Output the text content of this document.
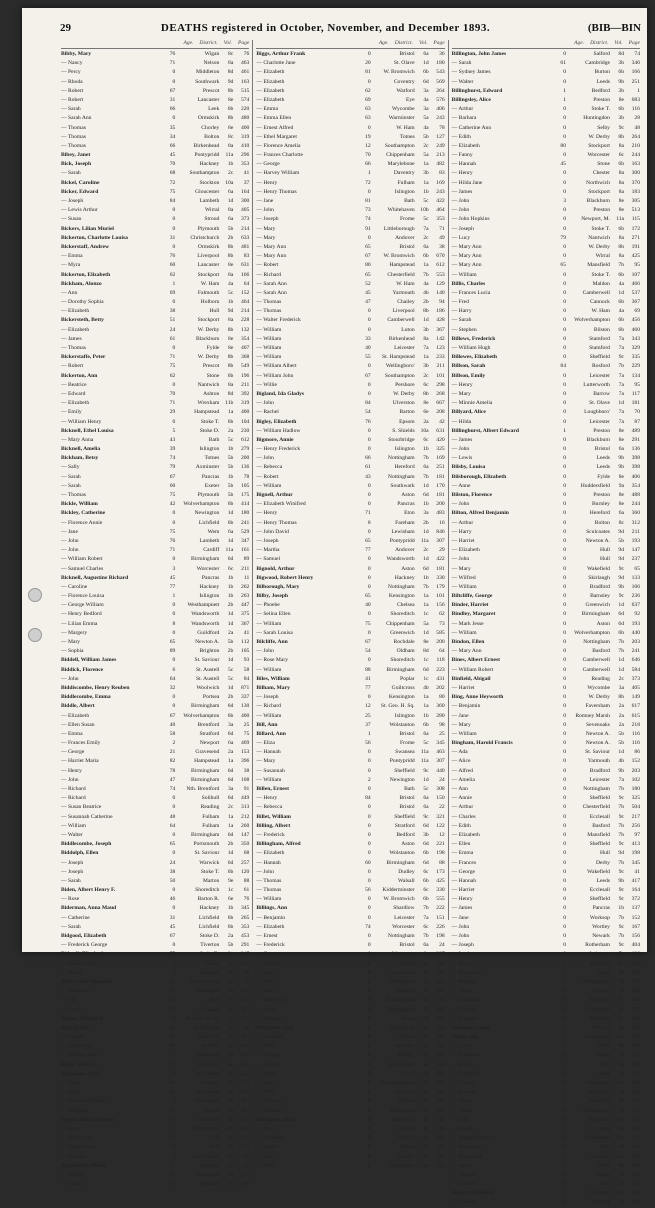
29	DEATHS registered in October, November, and December 1893.	(BIB—BIN
Age.	District.	Vol.	Page
Bibby, Mary	76	Wigan	8c	76
— Nancy	71	Nelson	8a	463
— Percy	0	Middleton	8d	461
— Rhoda	0	Southwark	9d	163
— Robert	67	Prescot	8b	515
— Robert	31	Lancaster	8e	574
— Sarah	66	Leek	6b	220
— Sarah Ann	0	Ormskirk	8b	480
— Thomas	35	Chorley	8e	400
— Thomas	34	Bolton	8c	319
— Thomas	66	Birkenhead	8a	410
Bibey, Janet	45	Pontypridd	11a	296
Bick, Joseph	70	Hackney	1b	353
— Sarah	68	Southampton	2c	41
Bickel, Caroline	72	Stockton	10a	37
Bicker, Edward	75	Gloucester	6a	164
— Joseph	84	Lambeth	1d	300
— Lewis Arthur	0	Wirral	8a	405
— Susan	0	Stroud	6a	373
Bickers, Lilian Muriel	0	Plymouth	5b	214
Bickerton, Charlotte Louisa	31	Christchurch	2b	633
Bickerstaff, Andrew	0	Ormskirk	8b	481
— Emma	76	Liverpool	8b	83
— Myra	60	Lancaster	8e	631
Bickerton, Elizabeth	62	Stockport	8a	166
Bickham, Alonzo	1	W. Ham	4a	64
— Ann	69	Falmouth	5c	152
— Dorothy Sophia	0	Holborn	1b	464
— Elizabeth	38	Hull	9d	214
Bickersteth, Betty	51	Stockport	8a	228
— Elizabeth	24	W. Derby	8b	132
— James	61	Blackburn	8e	354
— Thomas	0	Fylde	8e	407
Bickerstaffe, Peter	71	W. Derby	8b	368
— Robert	75	Prescot	8b	549
Bickerton, Ann	62	Stone	6b	196
— Beatrice	0	Nantwich	8a	211
— Edward	70	Ashton	8d	392
— Elizabeth	71	Wrexham	11b	319
— Emily	29	Hampstead	1a	400
— William Henry	0	Stoke T.	6b	104
Bicknell, Ethel Louisa	5	Stoke D.	2a	230
— Mary Anna	43	Bath	5c	612
Bicknell, Amelia	39	Islington	1b	279
Bickham, Betsy	74	Totnes	5b	200
— Sally	79	Axminster	5b	136
— Sarah	67	Pancras	1b	78
— Sarah	60	Exeter	5b	105
— Thomas	75	Plymouth	5b	175
Bickle, William	42	Wolverhampton	6b	414
Bickley, Catherine	0	Newington	1d	180
— Florence Annie	0	Lichfield	6b	241
— Jane	75	Wem	6a	529
— John	76	Lambeth	1d	347
— John	71	Cardiff	11a	161
— William Robert	0	Birmingham	6d	89
— Samuel Charles	3	Worcester	6c	211
Bicknell, Augustine Richard	45	Pancras	1b	11
— Caroline	77	Hackney	1b	262
— Florence Louisa	1	Islington	1b	263
— George William	0	Westhampnett	2b	447
— Henry Bedford	0	Wandsworth	1d	375
— Lilian Emma	8	Wandsworth	1d	367
— Margery	0	Guildford	2a	41
— Mary	65	Newton A.	5b	112
— Sophia	89	Brighton	2b	105
Biddell, William James	0	St. Saviour	1d	93
Biddick, Florence	6	St. Austell	5c	58
— John	64	St. Austell	5c	84
Biddiscombe, Henry Reuben	32	Woolwich	1d	871
Biddlecombe, Emma	0	Portsea	2b	337
Biddle, Albert	0	Birmingham	6d	130
— Elizabeth	67	Wolverhampton	6b	400
— Ellen Susan	40	Brentford	3a	25
— Emma	58	Stratford	6d	75
— Frances Emily	2	Newport	6a	469
— George	21	Gravesend	2a	153
— Harriet Maria	82	Hampstead	1a	396
— Henry	78	Birmingham	6d	38
— John	47	Birmingham	6d	108
— Richard	74	Nth. Brentford	3a	91
— Richard	0	Solihull	6d	449
— Susan Beatrice	0	Reading	2c	313
— Susannah Catherine	48	Fulham	1a	212
— William	64	Fulham	1a	260
— Walter	0	Birmingham	6d	147
Biddlecombe, Joseph	65	Portsmouth	2b	350
Biddolph, Ellen	0	St. Saviour	1d	68
— Joseph	24	Warwick	6d	257
— Joseph	38	Stoke T.	6b	120
— Sarah	50	Marton	9e	88
Biden, Albert Henry F.	0	Shoreditch	1c	61
— Rose	46	Barton R.	6e	76
Biderman, Anna Maud	0	Hackney	1b	345
— Catherine	31	Lichfield	6b	265
— Sarah	45	Lichfield	6b	353
Bidgood, Elizabeth	67	Stoke D.	2a	453
— Frederick George	0	Tiverton	5b	291
Bidwell, Elizabeth	75	Stoke D.	2a	247
— Ernest Walter	0	Thame	3a	445
— Mercy	0	Fareham	2b	78
Biffen, Ann Elizabeth	19	Farnborough	2c	17
— Frederick	79	Maidstone	2a	260
— Lily	0	Hull	9d	224
— Sarah	77	Ecclesall	9c	247
Bigbie, William E.	0	St. Geo. H. Sq.	1a	371
Bigg, Emily	40	Hambledon	2a	88
— George	75	Mile End	1c	342
— Sarah Ann	80	W. Ham	4a	116
— William John	1	Woolwich	1d	936
Biggs, Rebecca	77	Barton R.	6e	165
Biggadike, Cyril	0	Sculcoates	9d	252
— Ellen	48	Sleaford	7a	358
— Mary	19	Sculcoates	9d	377
— Thomas William	0	Sculcoates	9d	390
— Winifred	64	Boston	7a	400
Biggar, Horace Albert	0	Bradford	9b	161
— Jane	77	Whitehaven	10b	505
— Mary Ann	74	Hull	9d	119
— Sarah Annie	0	Hull	9d	239
— Thomas	0	Castle Ward	10b	136
Biggerstaff, Albert	57	Chertsey	2a	47
— Alfred	56	Greenwich	1d	707
— Alexis	77	Wantage	3a	186
Age.	District.	Vol.	Page
Biggs, Arthur Frank	0	Bristol	6a	36
— Charlotte Jane	20	St. Olave	1d	180
— Elizabeth	81	W. Bromwich	6b	543
— Elizabeth	0	Coventry	6d	569
— Elizabeth	62	Watford	3a	264
— Elizabeth	69	Eye	4a	576
— Emma	63	Wycombe	3a	406
— Emma Ellen	63	Warminster	5a	243
— Ernest Alfred	0	W. Ham	4a	78
— Ethel Margaret	19	Totnes	5b	127
— Florence Amelia	12	Southampton	2c	249
— Frances Charlotte	70	Chippenham	5a	213
— George	66	Marylebone	1a	482
— Harvey William	1	Daventry	3b	83
— Henry	72	Fulham	1a	169
— Henry Thomas	0	Islington	1b	243
— Jane	81	Bath	5c	422
— John	73	Whitehaven	10b	464
— Joseph	74	Frome	5c	353
— Mary	91	Littleborough	7a	71
— Mary	0	Andover	2c	49
— Mary Ann	65	Bristol	6a	38
— Mary Ann	67	W. Bromwich	6b	670
— Robert	80	Hampstead	1a	612
— Richard	65	Chesterfield	7b	553
— Sarah Ann	52	W. Ham	4a	129
— Sarah Ann	45	Yarmouth	4b	140
— Thomas	47	Chailey	2b	94
— Thomas	0	Liverpool	8b	186
— Walter Frederick	0	Camberwell	1d	428
— William	0	Luton	3b	367
— William	33	Birkenhead	8a	142
— William	40	Leicester	7a	123
— William	55	St. Hampstead	1a	233
— William Albert	0	Wellingboro'	3b	211
— William John	67	Southampton	2c	101
— Willie	0	Pershore	6c	298
Bigland, Ida Gladys	0	W. Derby	8b	268
— John	84	Ulverston	8e	667
— Rachel	54	Barton	6e	208
Bigley, Elizabeth	76	Epsom	2a	42
— William Hadlow	0	S. Shields	10a	631
Bigmore, Annie	0	Stourbridge	6c	420
— Henry Frederick	0	Islington	1b	325
— John	66	Nottingham	7b	169
— Rebecca	61	Hereford	6a	251
— Robert	43	Nottingham	7b	181
— William	0	Southwark	1d	170
Bignell, Arthur	0	Aston	6d	181
— Elizabeth Winifred	0	Pancras	1b	200
— Henry	71	Eton	3a	483
— Henry Thomas	8	Fareham	2b	16
— John David	0	Lewisham	1d	846
— Joseph	65	Pontypridd	11a	307
— Martha	77	Andover	2c	29
— Samuel	0	Wandsworth	1d	422
Bignold, Arthur	0	Aston	6d	181
Bigwood, Robert Henry	0	Hackney	1b	330
Bilborough, Mary	0	Nottingham	7b	179
Bilby, Joseph	65	Kensington	1a	101
— Phoebe	40	Chelsea	1a	156
— Selina Ellen	0	Shoreditch	1c	62
— William	75	Chippenham	5a	73
— Sarah Louisa	0	Greenwich	1d	585
Bilcliffe, Ann	67	Rochdale	8e	200
— John	54	Oldham	8d	64
— Rose Mary	0	Shoreditch	1c	118
— William	88	Birmingham	6d	223
Biles, William	41	Poplar	1c	431
Bilham, Mary	77	Guiltcross	4b	202
— Joseph	0	Kensington	1a	80
— Richard	12	St. Geo. H. Sq.	1a	360
— William	25	Islington	1b	280
Bill, Ann	37	Wolstanton	6b	98
Billard, Ann	1	Bristol	6a	25
— Eliza	56	Frome	5c	345
— Hannah	0	Swansea	11a	463
— Mary	0	Pontypridd	11a	307
— Susannah	0	Sheffield	9c	440
— William	2	Newington	1d	24
Billen, Ernest	0	Bath	5c	308
— Henry	84	Bristol	6a	150
— Rebecca	0	Bristol	6a	22
Billet, William	0	Sheffield	9c	321
Billing, Albert	0	Stratford	6d	122
— Frederick	0	Bedford	3b	12
Billingham, Alfred	0	Aston	6d	221
— Elizabeth	0	Wolstanton	6b	198
— Hannah	60	Birmingham	6d	88
— John	0	Dudley	6c	173
— Thomas	0	Walsall	6b	425
— Thomas	56	Kidderminster	6c	330
— William	0	W. Bromwich	6b	555
Billings, Ann	0	Shardlow	7b	222
— Benjamin	0	Leicester	7a	151
— Elizabeth	74	Worcester	6c	226
— Ernest	0	Nottingham	7b	198
— Frederick	0	Bristol	6a	24
— George	0	Worcester	6c	287
— Harriet	0	Bristol	6a	128
— Jane	0	Southwark	1d	139
— John	0	Nottingham	7b	204
— John	0	Basford	7b	256
— Mary Ann	0	Birmingham	6d	114
— Sarah	0	Nottingham	7b	190
— William	0	Aston	6d	255
Billingsley, Ann	0	Bridgnorth	6a	533
— Caroline	0	Shifnal	6a	447
— Eliza	0	Madeley	6a	541
— George	0	Dudley	6c	209
— Harriet	0	Stourbridge	6c	360
— Henry	0	Aston	6d	338
— John	0	Wolverhampton	6b	463
— Mary	0	Cleobury	6a	508
— Thomas	0	Walsall	6b	444
— William	0	Wellington	6a	612
Billington, Alice	0	Blackburn	8e	310
— Ann	0	Wigan	8c	120
— Elizabeth	0	Preston	8e	484
— James	0	Bolton	8c	339
— John	0	Chorley	8e	412
— Mary	0	Haslingden	8e	258
Age.	District.	Vol.	Page
Billington, John James	0	Salford	8d	74
— Sarah	61	Cambridge	3b	346
— Sydney James	0	Burton	6b	166
— Walter	0	Leeds	9b	251
Billinghurst, Edward	1	Bedford	3b	1
Billingsley, Alice	1	Preston	8e	683
— Arthur	0	Stoke T.	6b	116
— Barbara	0	Huntingdon	3b	28
— Catherine Ann	0	Selby	9c	48
— Edith	0	W. Derby	8b	264
— Elizabeth	80	Stockport	8a	210
— Fanny	0	Worcester	6c	244
— Hannah	45	Stone	6b	163
— Henry	0	Chester	8a	300
— Hilda Jane	0	Northwich	8a	370
— James	0	Stockport	8a	183
— John	3	Blackburn	8e	305
— John	0	Preston	8e	513
— John Hopkins	0	Newport, M.	11a	115
— Joseph	0	Stoke T.	6b	172
— Lucy	79	Nantwich	8a	271
— Mary Ann	0	W. Derby	8b	191
— Mary Ann	0	Wirral	8a	425
— Mary Ann	65	Mansfield	7b	95
— William	0	Stoke T.	6b	107
Billis, Charles	0	Maldon	4a	466
— Frances Lucia	0	Camberwell	1d	537
— Fred	0	Cannock	6b	367
— Harry	0	W. Ham	4a	69
— Sarah	0	Wolverhampton	6b	456
— Stephen	0	Bilston	6b	460
Billows, Frederick	0	Stamford	7a	343
— William Hugh	0	Stamford	7a	329
Billowes, Elizabeth	0	Sheffield	9c	335
Billson, Sarah	84	Rosford	7b	229
Billson, Emily	0	Leicester	7a	134
— Henry	0	Lutterworth	7a	95
— Mary	0	Barrow	7a	117
— Minnie Amelia	0	St. Olave	1d	181
Billyard, Alice	0	Loughboro'	7a	70
— Hilda	0	Leicester	7a	87
Billinghurst, Albert Edward	1	Preston	8e	489
— James	0	Blackburn	8e	291
— John	0	Bristol	6a	136
— Lewis	0	Leeds	9b	398
Bilsby, Louisa	0	Leeds	9b	398
Bilsborough, Elizabeth	0	Fylde	8e	406
— Anne	0	Huddersfield	9a	354
Bilston, Florence	0	Preston	8e	488
— John	0	Burnley	8e	244
Bilton, Alfred Benjamin	0	Hereford	6a	360
— Arthur	0	Bolton	8c	312
— Harry	0	Sculcoates	9d	211
— Harriet	0	Newton A.	5b	193
— Elizabeth	0	Hull	9d	147
— John	0	Hull	9d	237
— Mary	0	Wakefield	9c	65
— Wilfred	0	Skirlaugh	9d	133
— William	0	Bradford	9b	106
Biltcliffe, George	0	Barnsley	9c	236
Binder, Harriet	0	Greenwich	1d	637
Bindley, Margaret	0	Birmingham	6d	92
— Mark Jesse	0	Aston	6d	193
— William	0	Wolverhampton	6b	440
Bindon, Ellen	0	Nottingham	7b	203
— Mary Ann	0	Basford	7b	241
Bines, Albert Ernest	0	Camberwell	1d	646
— William Robert	0	Camberwell	1d	584
Binfield, Abigail	0	Reading	2c	373
— Harriet	0	Wycombe	3a	405
Bing, Anne Heyworth	0	W. Derby	8b	149
— Benjamin	0	Faversham	2a	617
— Jane	0	Romney Marsh	2a	615
— Mary	0	Sevenoaks	2a	218
— William	0	Newton A.	5b	116
Bingham, Harold Francis	0	Newton A.	5b	116
— Ada	0	St. Saviour	1d	86
— Alice	0	Yarmouth	4b	152
— Alfred	0	Bradford	9b	203
— Amelia	0	Leicester	7a	102
— Ann	0	Nottingham	7b	180
— Annie	0	Sheffield	9c	325
— Arthur	0	Chesterfield	7b	504
— Charles	0	Ecclesall	9c	217
— Edith	0	Basford	7b	256
— Elizabeth	0	Mansfield	7b	97
— Ellen	0	Sheffield	9c	413
— Emma	0	Hull	9d	198
— Frances	0	Derby	7b	345
— George	0	Wakefield	9c	41
— Hannah	0	Leeds	9b	417
— Harriet	0	Ecclesall	9c	164
— Henry	0	Sheffield	9c	372
— James	0	Pancras	1b	137
— Jane	0	Worksop	7b	152
— John	0	Wortley	9c	167
— John	0	Newark	7b	156
— Joseph	0	Rotherham	9c	404
— Louisa	0	Leicester	7a	120
— Mary	0	Sheffield	9c	372
— Mary Ann	0	Leeds	9b	395
— Matilda	0	Nottingham	7b	151
— Sarah	0	Lincoln	7a	534
— Susannah	0	Sheffield	9c	446
— Thomas	0	Rotherham	9c	383
— William	0	Sheffield	9c	392
Binham, Louisa	0	Mitford	4b	220
Binks, Ann	0	Sunderland	10a	506
— Clara	0	Leeds	9b	401
— Elizabeth	0	Thirsk	9d	457
— Emily	0	Hull	9d	204
— Frederick	0	Leeds	9b	352
— George	0	Darlington	10a	186
— Hannah	0	Stokesley	9d	443
— Henry	0	Bradford	9b	172
— James	0	Middlesbro'	9d	427
— John	0	Auckland	10a	282
— Joseph	0	Leeds	9b	345
— Margaret Annie	0	Sunderland	10a	392
— Mary Ann	0	Hull	9d	181
— Mary Jane	0	Stockton	10a	106
— Sarah	0	Leeds	9b	380
— Thomas	0	Thirsk	9d	461
— William	0	Hull	9d	226
Binney, Elizabeth	0	Hexham	10b	356
— Hannah	0	Pancras	1b	201
